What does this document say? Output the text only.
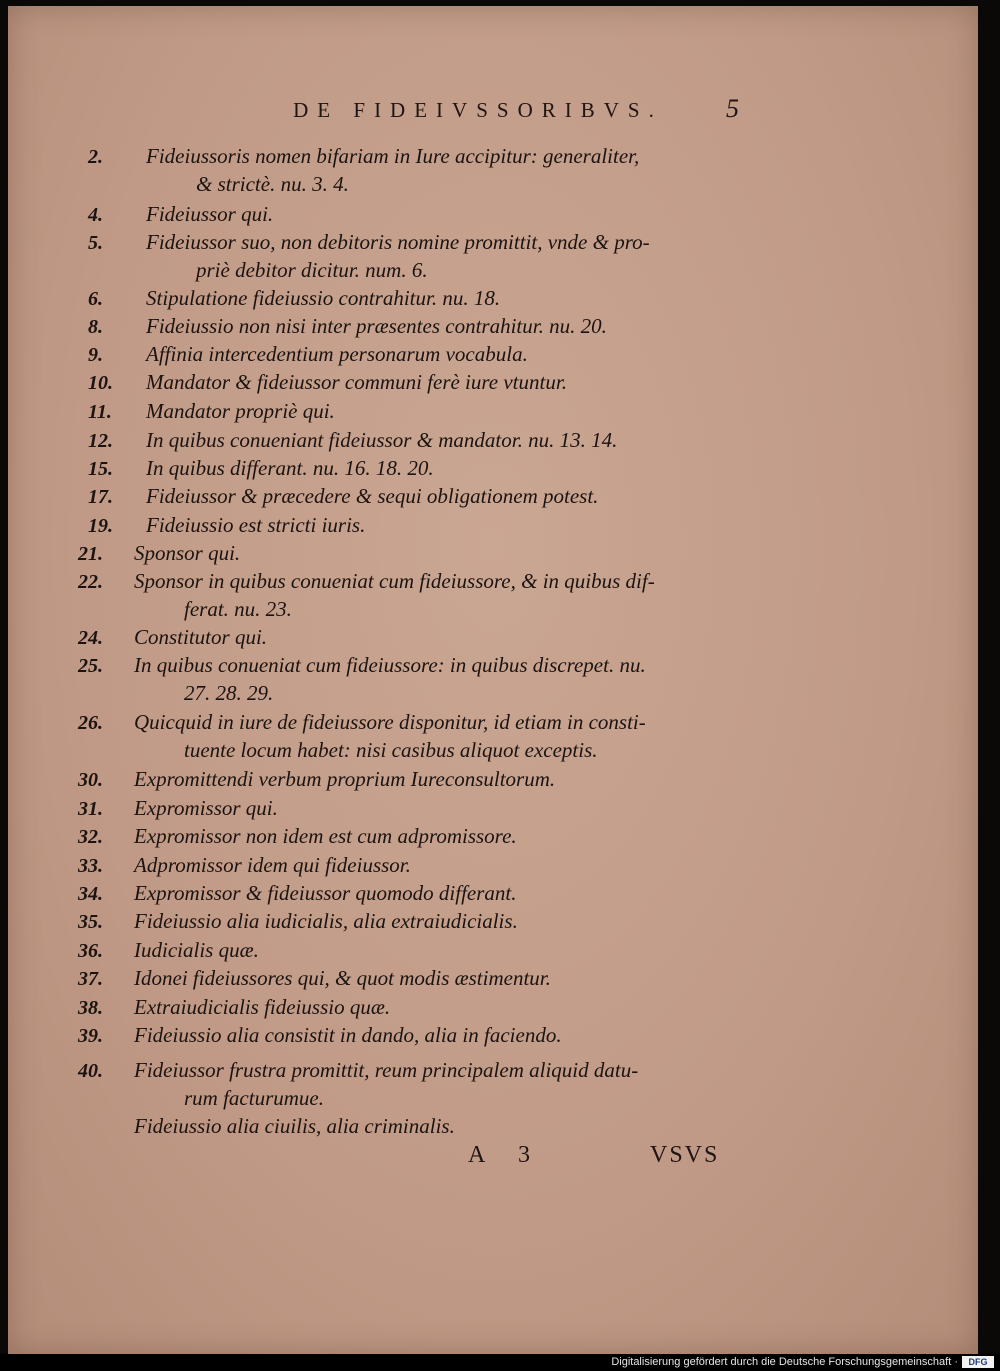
DE FIDEIVSSORIBVS.	5
2.	Fideiussoris nomen bifariam in Iure accipitur: generaliter,
& strictè. nu. 3. 4.
4.	Fideiussor qui.
5.	Fideiussor suo, non debitoris nomine promittit, vnde & pro-
priè debitor dicitur. num. 6.
6.	Stipulatione fideiussio contrahitur. nu. 18.
8.	Fideiussio non nisi inter præsentes contrahitur. nu. 20.
9.	Affinia intercedentium personarum vocabula.
10.	Mandator & fideiussor communi ferè iure vtuntur.
11.	Mandator propriè qui.
12.	In quibus conueniant fideiussor & mandator. nu. 13. 14.
15.	In quibus differant. nu. 16. 18. 20.
17.	Fideiussor & præcedere & sequi obligationem potest.
19.	Fideiussio est stricti iuris.
21.	Sponsor qui.
22.	Sponsor in quibus conueniat cum fideiussore, & in quibus dif-
ferat. nu. 23.
24.	Constitutor qui.
25.	In quibus conueniat cum fideiussore: in quibus discrepet. nu.
27. 28. 29.
26.	Quicquid in iure de fideiussore disponitur, id etiam in consti-
tuente locum habet: nisi casibus aliquot exceptis.
30.	Expromittendi verbum proprium Iureconsultorum.
31.	Expromissor qui.
32.	Expromissor non idem est cum adpromissore.
33.	Adpromissor idem qui fideiussor.
34.	Expromissor & fideiussor quomodo differant.
35.	Fideiussio alia iudicialis, alia extraiudicialis.
36.	Iudicialis quæ.
37.	Idonei fideiussores qui, & quot modis æstimentur.
38.	Extraiudicialis fideiussio quæ.
39.	Fideiussio alia consistit in dando, alia in faciendo.
40.	Fideiussor frustra promittit, reum principalem aliquid datu-
rum facturumue.
Fideiussio alia ciuilis, alia criminalis.
A 3	VSVS
Digitalisierung gefördert durch die Deutsche Forschungsgemeinschaft ·	DFG
